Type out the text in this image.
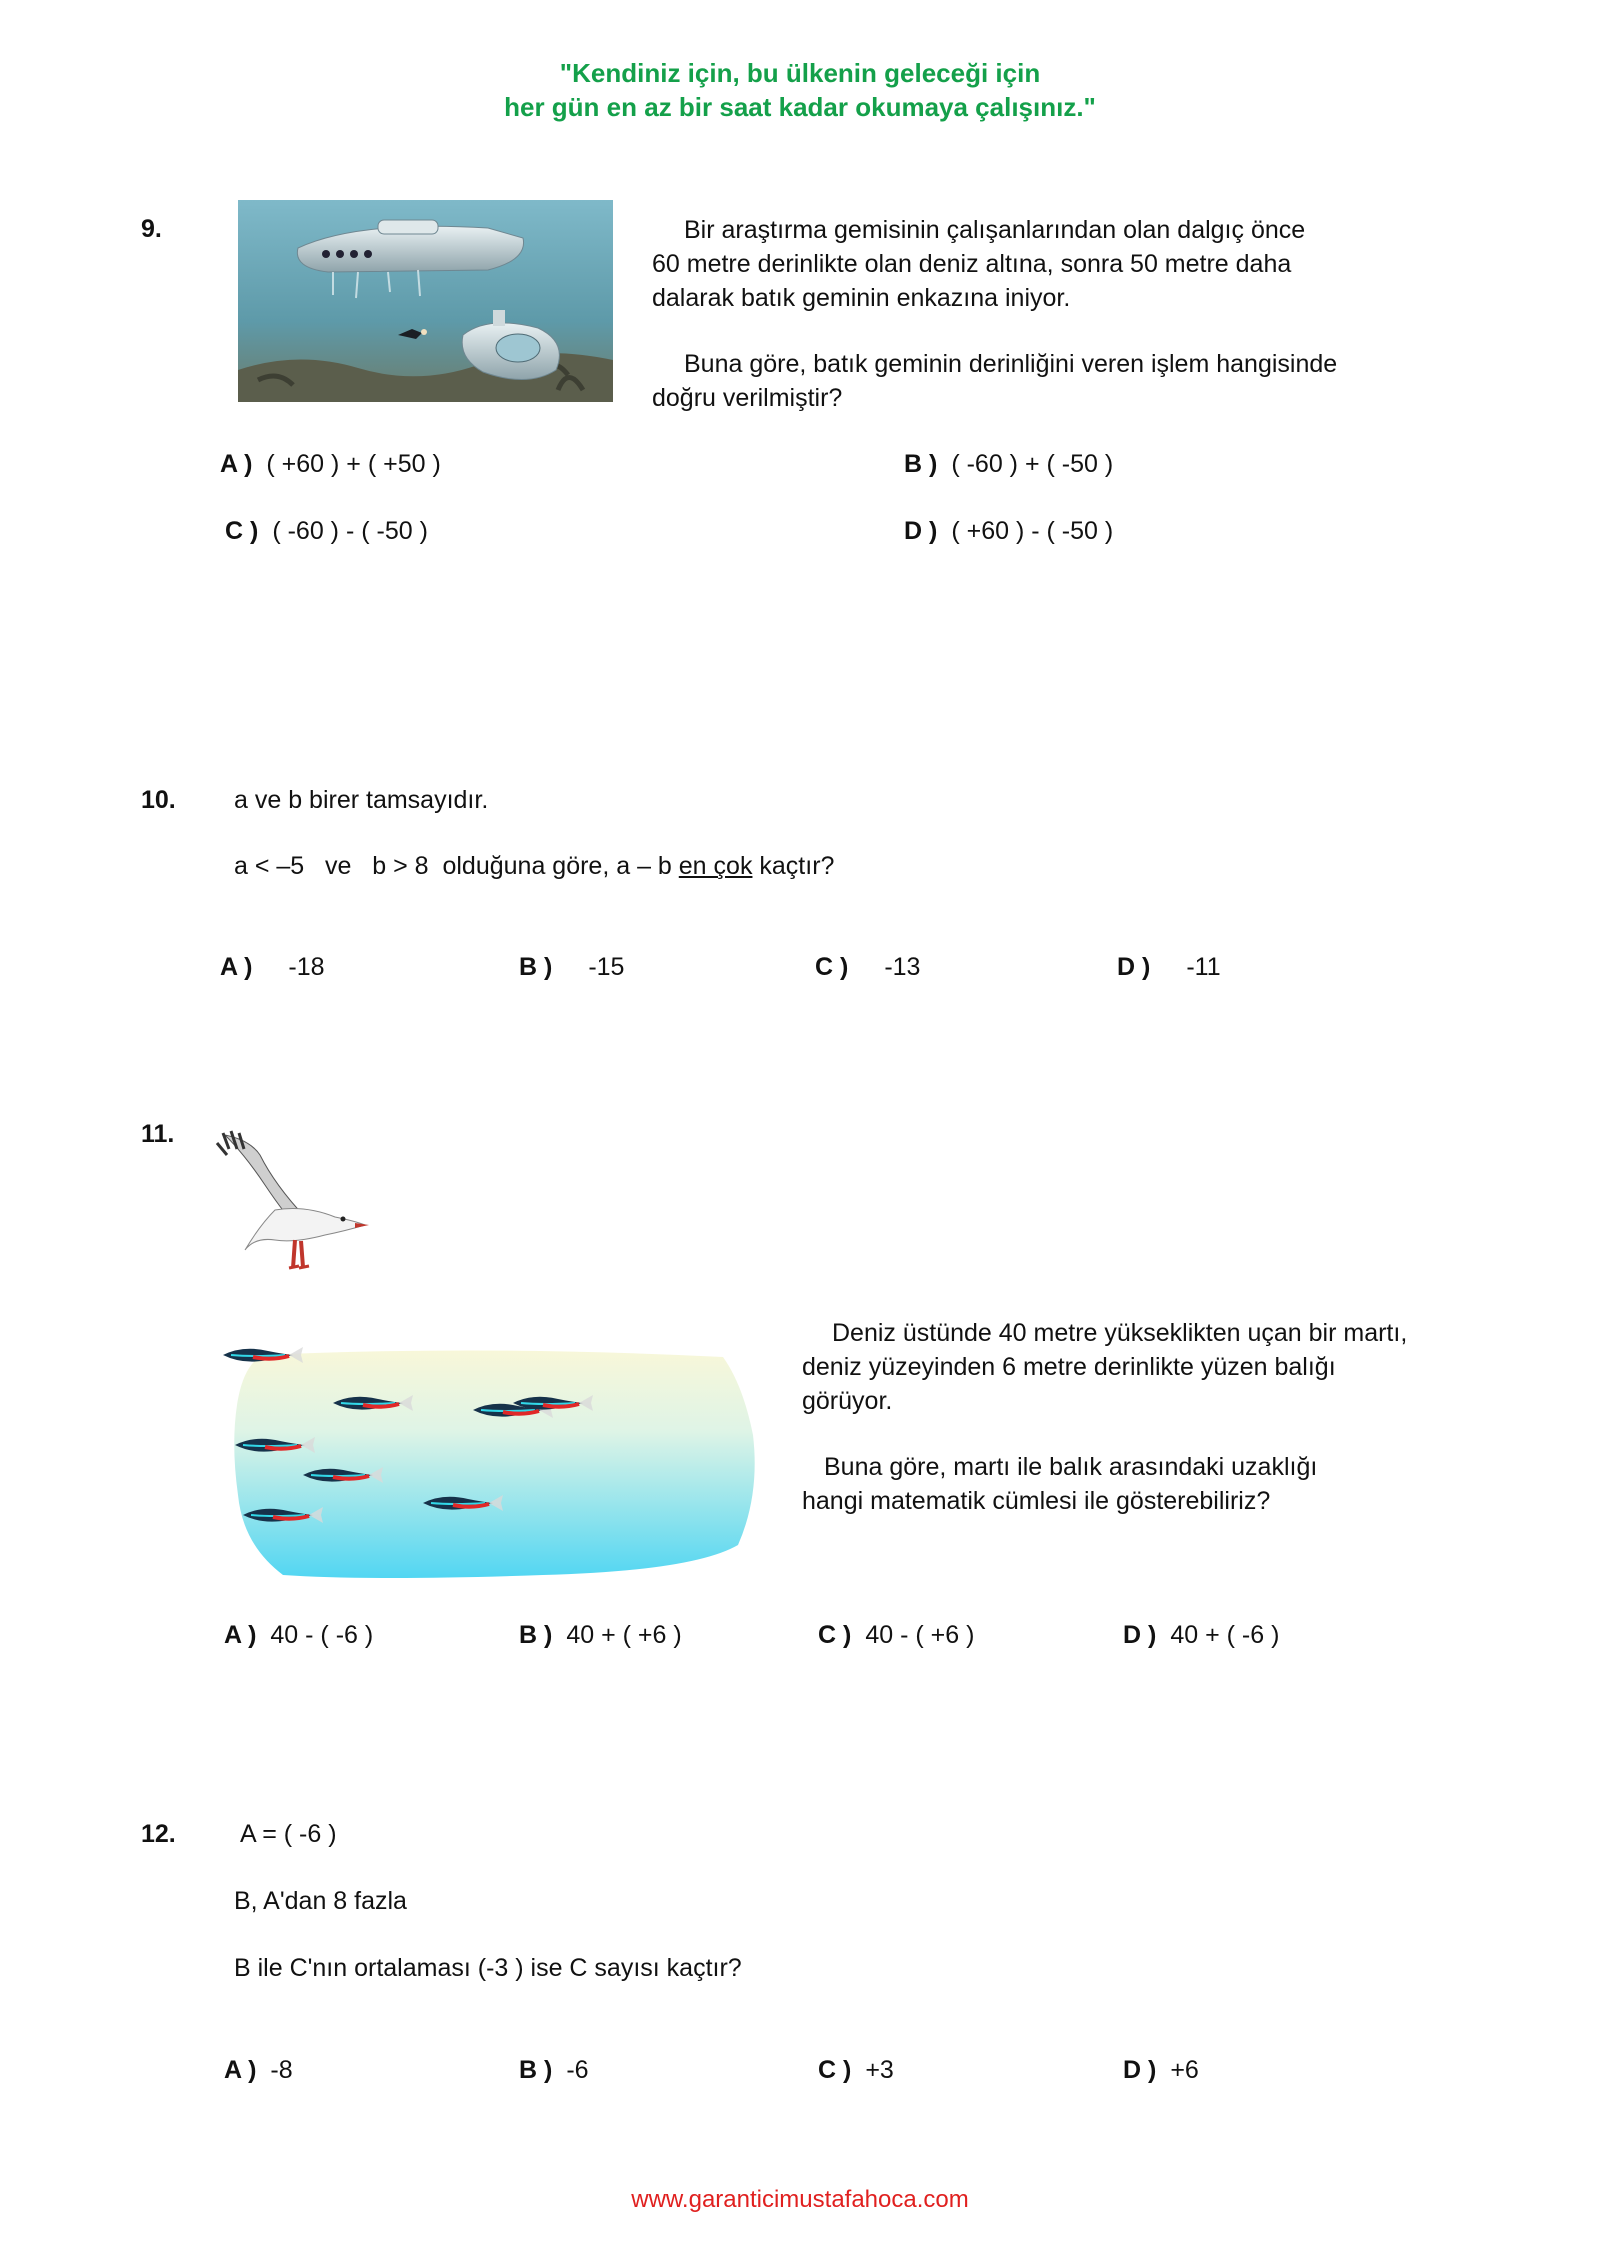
"Kendiniz için, bu ülkenin geleceği için
her gün en az bir saat kadar okumaya çalışınız."
9.	Bir araştırma gemisinin çalışanlarından olan dalgıç önce
60 metre derinlikte olan deniz altına, sonra 50 metre daha
dalarak batık geminin enkazına iniyor.
Buna göre, batık geminin derinliğini veren işlem hangisinde
doğru verilmiştir?
A ) ( +60 ) + ( +50 )	B ) ( -60 ) + ( -50 )
C ) ( -60 ) - ( -50 )	D ) ( +60 ) - ( -50 )
10. a ve b birer tamsayıdır.
a < –5   ve   b > 8  olduğuna göre, a – b en çok kaçtır?
A ) -18	B ) -15	C ) -13	D ) -11
11.
Deniz üstünde 40 metre yükseklikten uçan bir martı,
deniz yüzeyinden 6 metre derinlikte yüzen balığı
görüyor.
Buna göre, martı ile balık arasındaki uzaklığı
hangi matematik cümlesi ile gösterebiliriz?
A ) 40 - ( -6 )	B ) 40 + ( +6 )	C ) 40 - ( +6 )	D ) 40 + ( -6 )
12.	A = ( -6 )
B, A'dan 8 fazla
B ile C'nın ortalaması (-3 ) ise C sayısı kaçtır?
A ) -8	B ) -6	C ) +3	D ) +6
www.garanticimustafahoca.com
